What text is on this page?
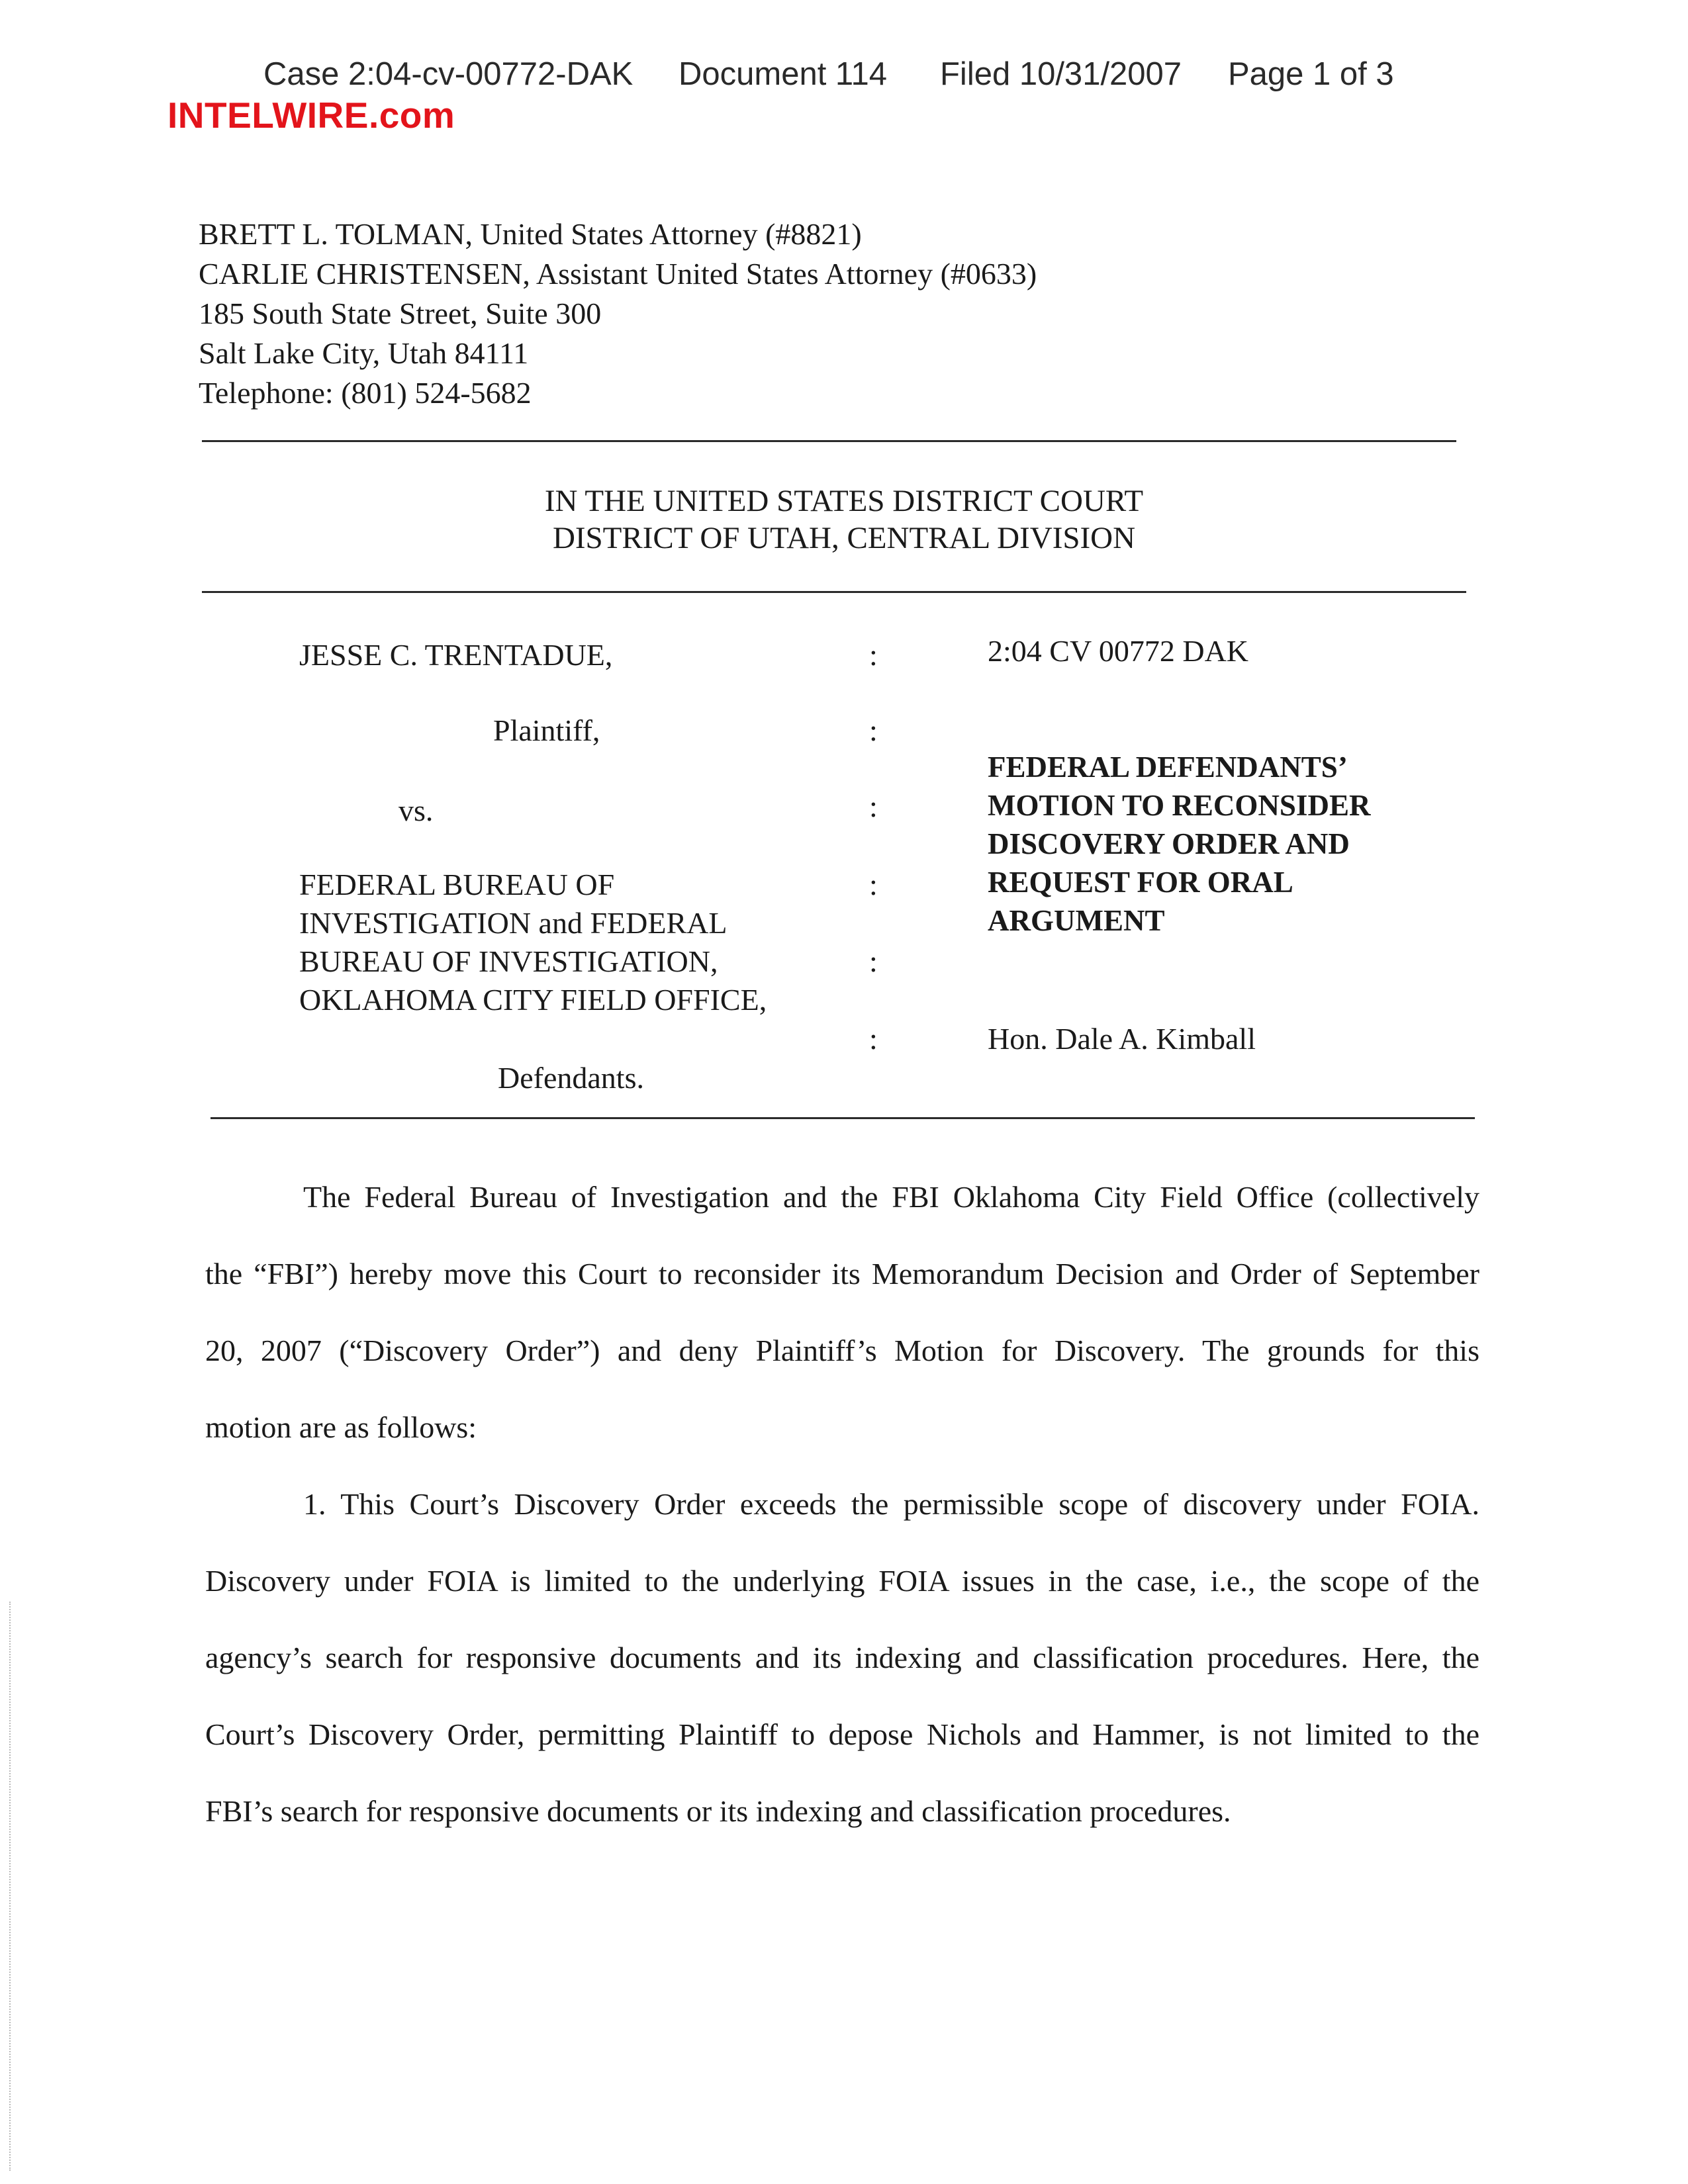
Case 2:04-cv-00772-DAK Document 114 Filed 10/31/2007 Page 1 of 3
INTELWIRE.com
BRETT L. TOLMAN, United States Attorney (#8821)
CARLIE CHRISTENSEN, Assistant United States Attorney (#0633)
185 South State Street, Suite 300
Salt Lake City, Utah 84111
Telephone: (801) 524-5682
IN THE UNITED STATES DISTRICT COURT
DISTRICT OF UTAH, CENTRAL DIVISION
JESSE C. TRENTADUE,
Plaintiff,
vs.
FEDERAL BUREAU OF
INVESTIGATION and FEDERAL
BUREAU OF INVESTIGATION,
OKLAHOMA CITY FIELD OFFICE,
Defendants.
:
:
:
:
:
:
2:04 CV 00772 DAK
FEDERAL DEFENDANTS’
MOTION TO RECONSIDER
DISCOVERY ORDER AND
REQUEST FOR ORAL
ARGUMENT
Hon. Dale A. Kimball
The Federal Bureau of Investigation and the FBI Oklahoma City Field Office (collectively
the “FBI”) hereby move this Court to reconsider its Memorandum Decision and Order of September
20, 2007 (“Discovery Order”) and deny Plaintiff’s Motion for Discovery. The grounds for this
motion are as follows:
1. This Court’s Discovery Order exceeds the permissible scope of discovery under FOIA.
Discovery under FOIA is limited to the underlying FOIA issues in the case, i.e., the scope of the
agency’s search for responsive documents and its indexing and classification procedures. Here, the
Court’s Discovery Order, permitting Plaintiff to depose Nichols and Hammer, is not limited to the
FBI’s search for responsive documents or its indexing and classification procedures.
